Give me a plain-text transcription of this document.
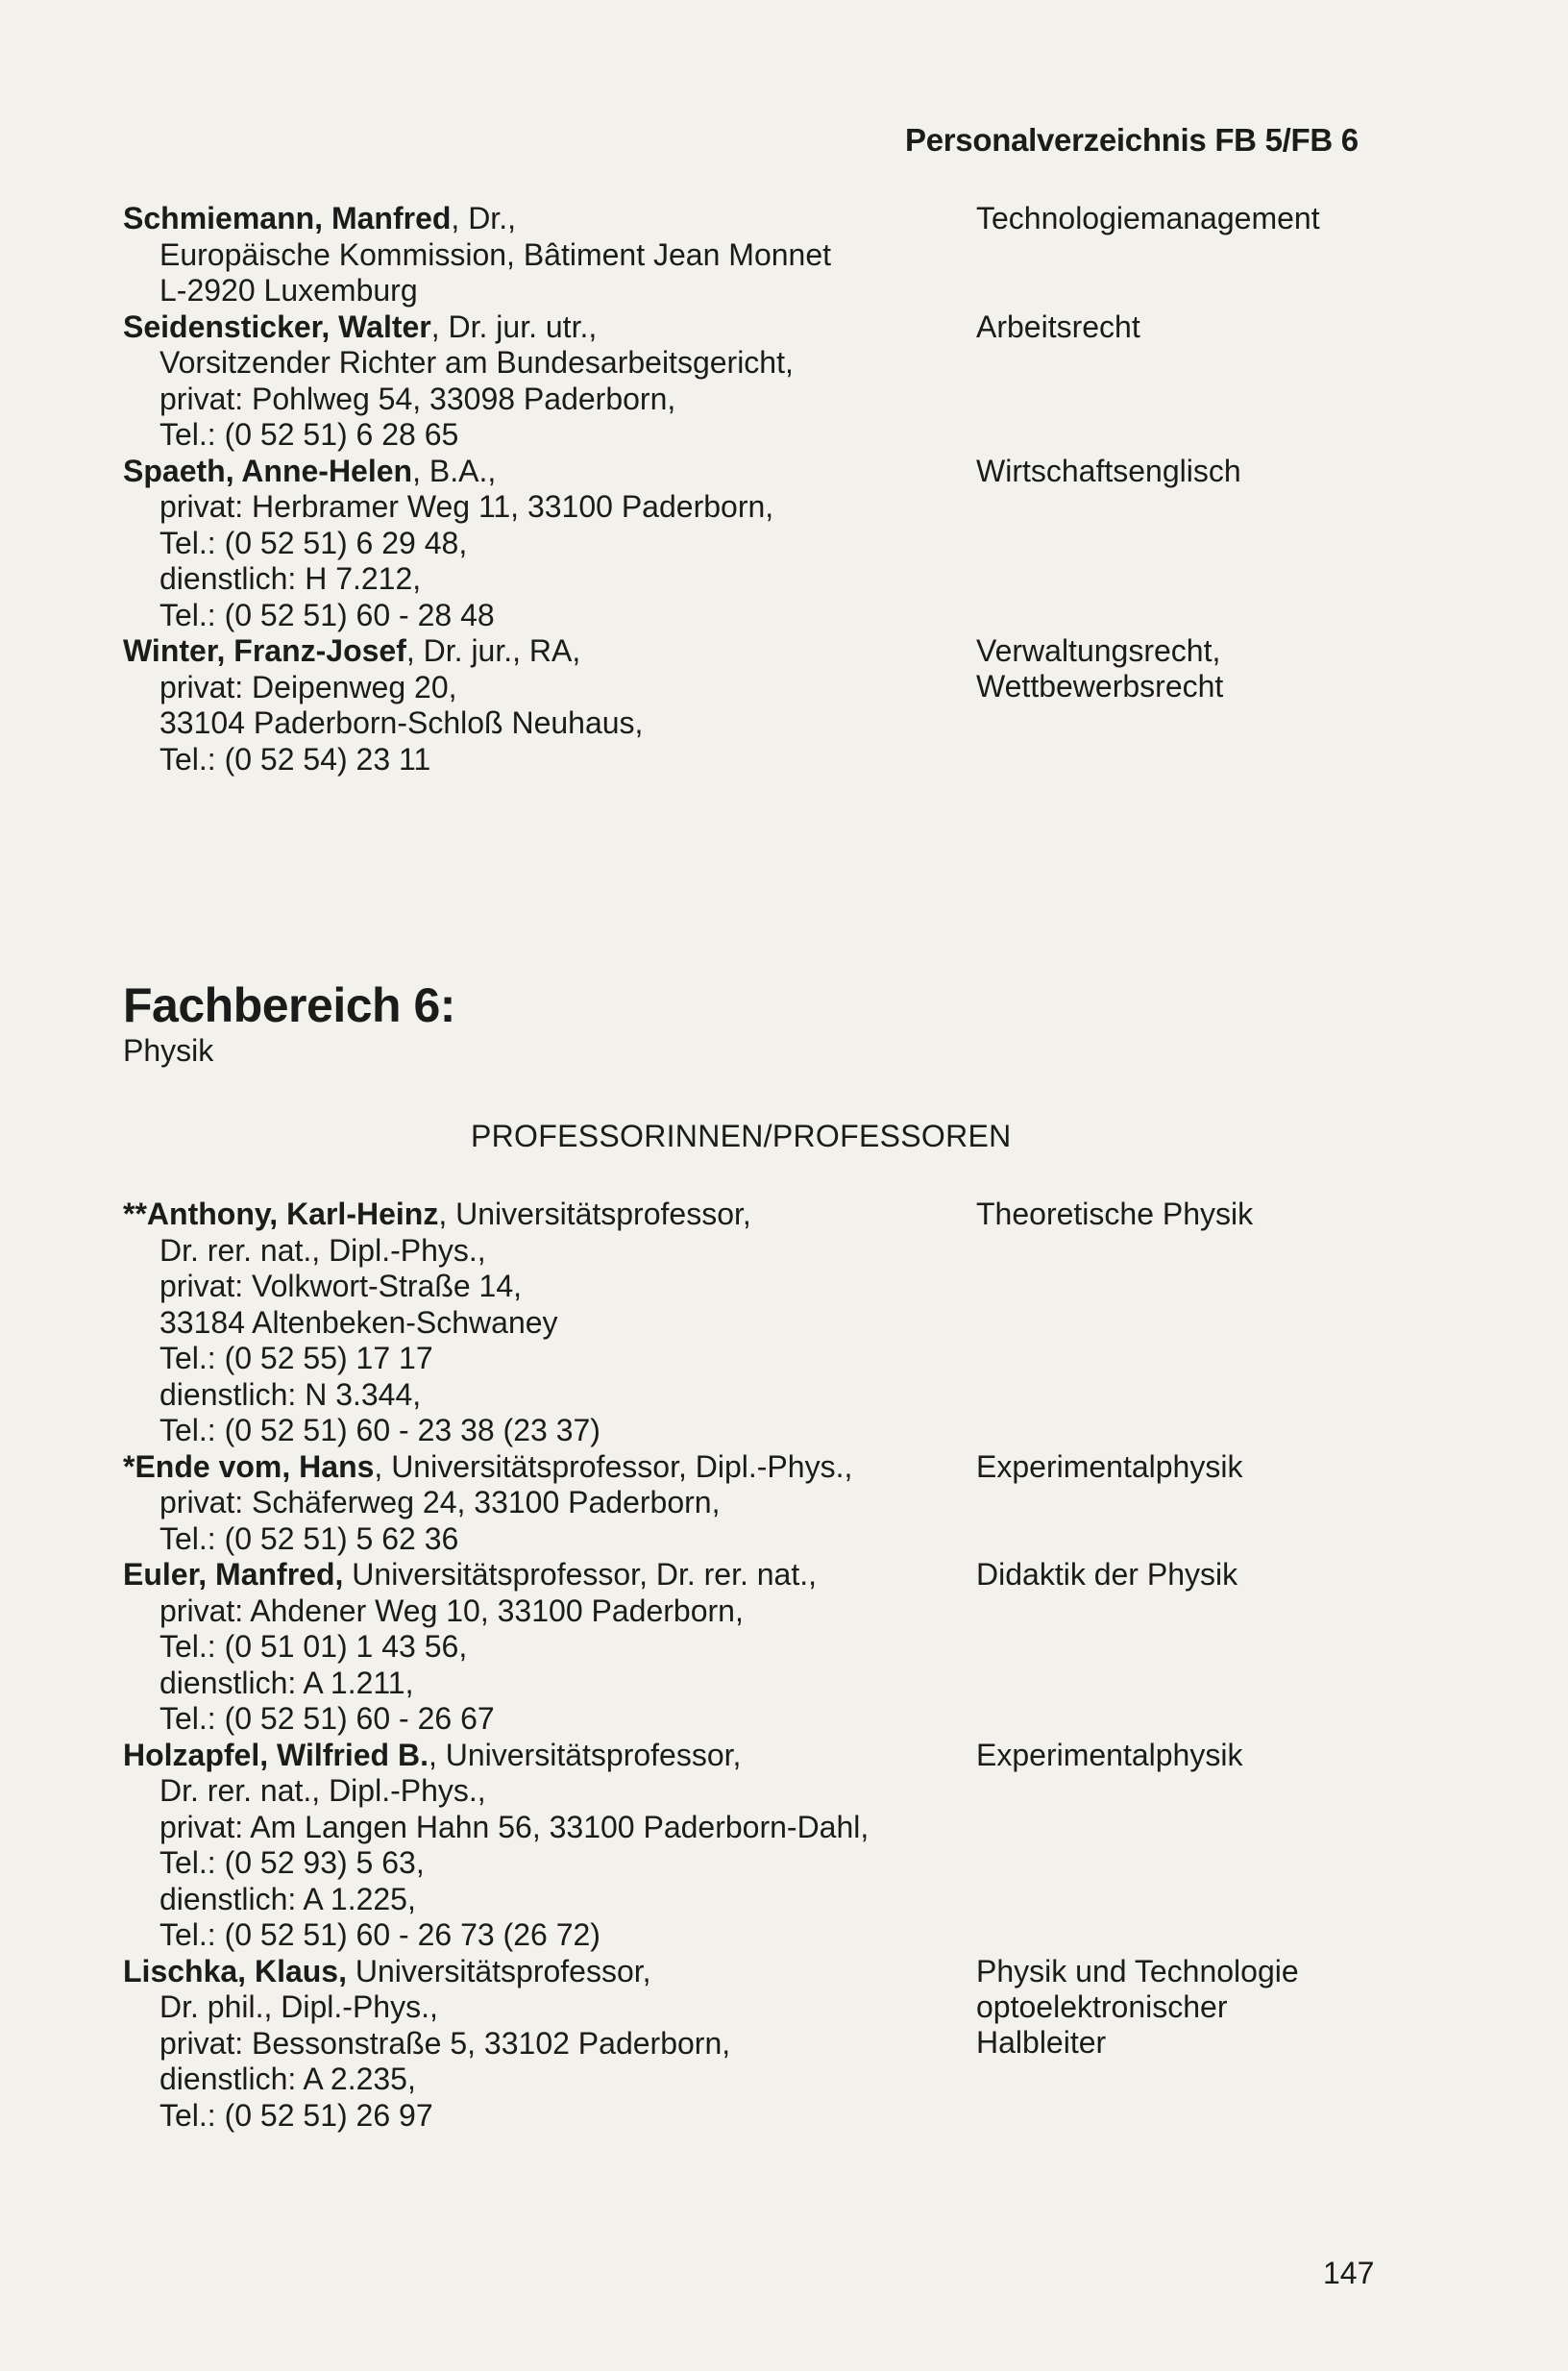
Personalverzeichnis FB 5/FB 6
Schmiemann, Manfred, Dr.,
Europäische Kommission, Bâtiment Jean Monnet
L-2920 Luxemburg
Technologiemanagement
Seidensticker, Walter, Dr. jur. utr.,
Vorsitzender Richter am Bundesarbeitsgericht,
privat: Pohlweg 54, 33098 Paderborn,
Tel.: (0 52 51) 6 28 65
Arbeitsrecht
Spaeth, Anne-Helen, B.A.,
privat: Herbramer Weg 11, 33100 Paderborn,
Tel.: (0 52 51) 6 29 48,
dienstlich: H 7.212,
Tel.: (0 52 51) 60 - 28 48
Wirtschaftsenglisch
Winter, Franz-Josef, Dr. jur., RA,
privat: Deipenweg 20,
33104 Paderborn-Schloß Neuhaus,
Tel.: (0 52 54) 23 11
Verwaltungsrecht,
Wettbewerbsrecht
Fachbereich 6:
Physik
PROFESSORINNEN/PROFESSOREN
**Anthony, Karl-Heinz, Universitätsprofessor,
Dr. rer. nat., Dipl.-Phys.,
privat: Volkwort-Straße 14,
33184 Altenbeken-Schwaney
Tel.: (0 52 55) 17 17
dienstlich: N 3.344,
Tel.: (0 52 51) 60 - 23 38 (23 37)
Theoretische Physik
*Ende vom, Hans, Universitätsprofessor, Dipl.-Phys.,
privat: Schäferweg 24, 33100 Paderborn,
Tel.: (0 52 51) 5 62 36
Experimentalphysik
Euler, Manfred, Universitätsprofessor, Dr. rer. nat.,
privat: Ahdener Weg 10, 33100 Paderborn,
Tel.: (0 51 01) 1 43 56,
dienstlich: A 1.211,
Tel.: (0 52 51) 60 - 26 67
Didaktik der Physik
Holzapfel, Wilfried B., Universitätsprofessor,
Dr. rer. nat., Dipl.-Phys.,
privat: Am Langen Hahn 56, 33100 Paderborn-Dahl,
Tel.: (0 52 93) 5 63,
dienstlich: A 1.225,
Tel.: (0 52 51) 60 - 26 73 (26 72)
Experimentalphysik
Lischka, Klaus, Universitätsprofessor,
Dr. phil., Dipl.-Phys.,
privat: Bessonstraße 5, 33102 Paderborn,
dienstlich: A 2.235,
Tel.: (0 52 51) 26 97
Physik und Technologie
optoelektronischer
Halbleiter
147
